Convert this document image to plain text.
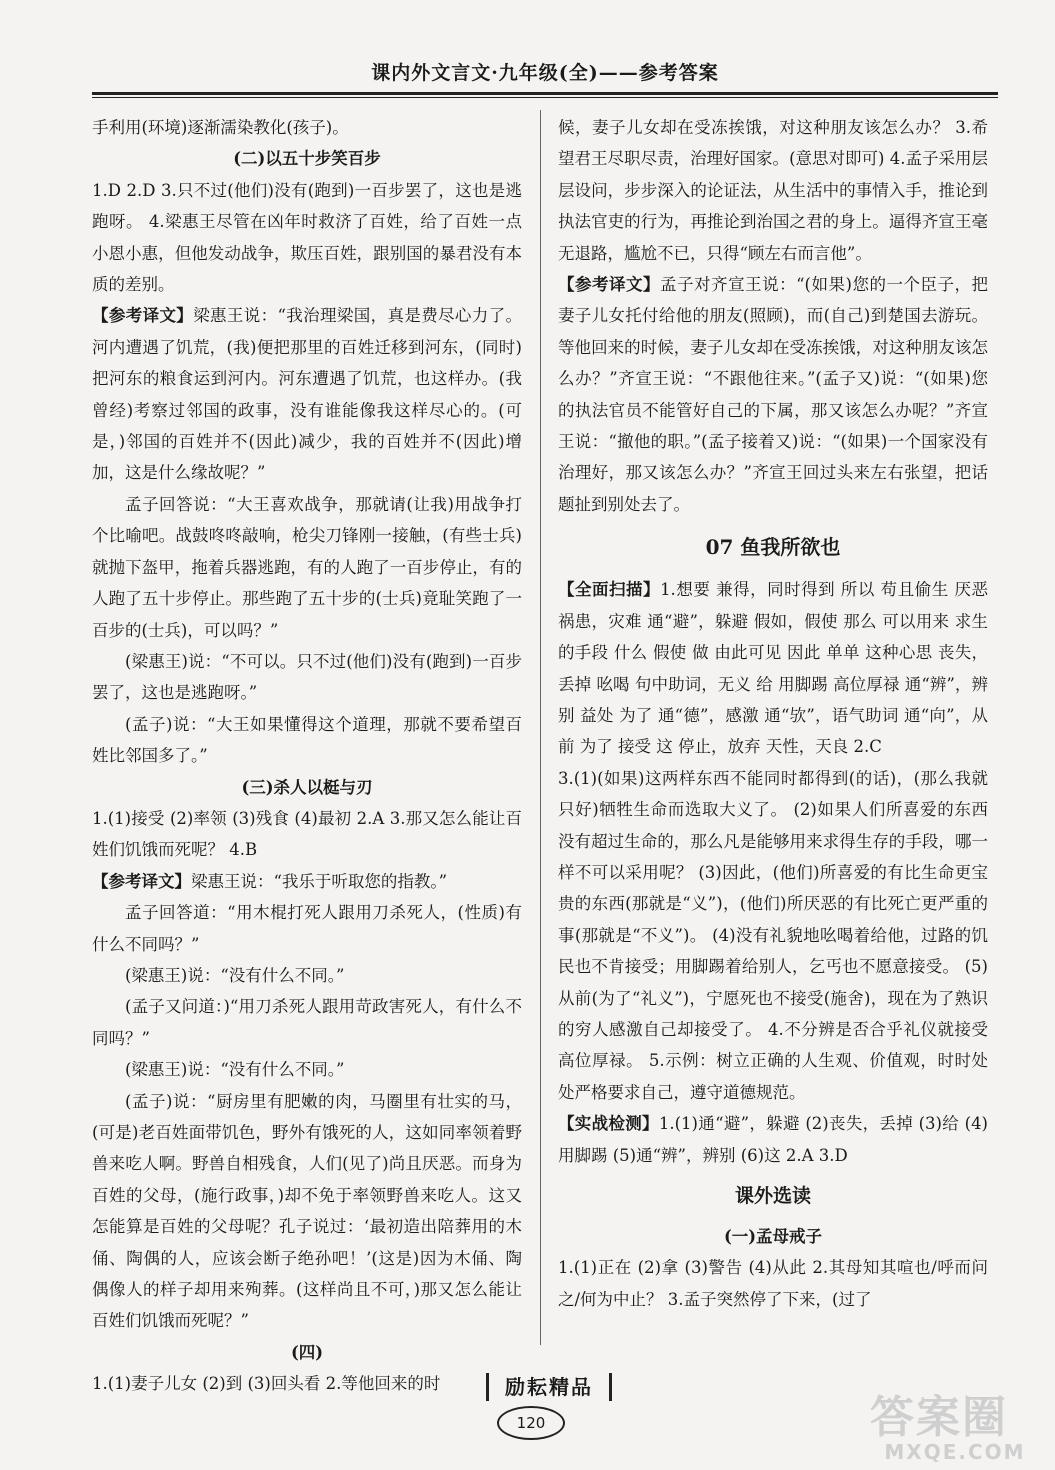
课内外文言文·九年级(全)——参考答案

手利用(环境)逐渐濡染教化(孩子)。

(二)以五十步笑百步

1.D 2.D 3.只不过(他们)没有(跑到)一百步罢了，这也是逃跑呀。 4.梁惠王尽管在凶年时救济了百姓，给了百姓一点小恩小惠，但他发动战争，欺压百姓，跟别国的暴君没有本质的差别。

【参考译文】梁惠王说：“我治理梁国，真是费尽心力了。河内遭遇了饥荒，(我)便把那里的百姓迁移到河东，(同时)把河东的粮食运到河内。河东遭遇了饥荒，也这样办。(我曾经)考察过邻国的政事，没有谁能像我这样尽心的。(可是，)邻国的百姓并不(因此)减少，我的百姓并不(因此)增加，这是什么缘故呢？”

孟子回答说：“大王喜欢战争，那就请(让我)用战争打个比喻吧。战鼓咚咚敲响，枪尖刀锋刚一接触，(有些士兵)就抛下盔甲，拖着兵器逃跑，有的人跑了一百步停止，有的人跑了五十步停止。那些跑了五十步的(士兵)竟耻笑跑了一百步的(士兵)，可以吗？”

(梁惠王)说：“不可以。只不过(他们)没有(跑到)一百步罢了，这也是逃跑呀。”

(孟子)说：“大王如果懂得这个道理，那就不要希望百姓比邻国多了。”

(三)杀人以梃与刃

1.(1)接受 (2)率领 (3)残食 (4)最初 2.A 3.那又怎么能让百姓们饥饿而死呢？ 4.B

【参考译文】梁惠王说：“我乐于听取您的指教。”

孟子回答道：“用木棍打死人跟用刀杀死人，(性质)有什么不同吗？”

(梁惠王)说：“没有什么不同。”

(孟子又问道：)“用刀杀死人跟用苛政害死人，有什么不同吗？”

(梁惠王)说：“没有什么不同。”

(孟子)说：“厨房里有肥嫩的肉，马圈里有壮实的马，(可是)老百姓面带饥色，野外有饿死的人，这如同率领着野兽来吃人啊。野兽自相残食，人们(见了)尚且厌恶。而身为百姓的父母，(施行政事，)却不免于率领野兽来吃人。这又怎能算是百姓的父母呢？孔子说过：‘最初造出陪葬用的木俑、陶偶的人，应该会断子绝孙吧！’(这是)因为木俑、陶偶像人的样子却用来殉葬。(这样尚且不可，)那又怎么能让百姓们饥饿而死呢？”

(四)

1.(1)妻子儿女 (2)到 (3)回头看 2.等他回来的时

候，妻子儿女却在受冻挨饿，对这种朋友该怎么办？ 3.希望君王尽职尽责，治理好国家。(意思对即可) 4.孟子采用层层设问，步步深入的论证法，从生活中的事情入手，推论到执法官吏的行为，再推论到治国之君的身上。逼得齐宣王毫无退路，尴尬不已，只得“顾左右而言他”。

【参考译文】孟子对齐宣王说：“(如果)您的一个臣子，把妻子儿女托付给他的朋友(照顾)，而(自己)到楚国去游玩。等他回来的时候，妻子儿女却在受冻挨饿，对这种朋友该怎么办？”齐宣王说：“不跟他往来。”(孟子又)说：“(如果)您的执法官员不能管好自己的下属，那又该怎么办呢？”齐宣王说：“撤他的职。”(孟子接着又)说：“(如果)一个国家没有治理好，那又该怎么办？”齐宣王回过头来左右张望，把话题扯到别处去了。

07 鱼我所欲也

【全面扫描】1.想要 兼得，同时得到 所以 苟且偷生 厌恶 祸患，灾难 通“避”，躲避 假如，假使 那么 可以用来 求生的手段 什么 假使 做 由此可见 因此 单单 这种心思 丧失，丢掉 吆喝 句中助词，无义 给 用脚踢 高位厚禄 通“辨”，辨别 益处 为了 通“德”，感激 通“欤”，语气助词 通“向”，从前 为了 接受 这 停止，放弃 天性，天良 2.C

3.(1)(如果)这两样东西不能同时都得到(的话)，(那么我就只好)牺牲生命而选取大义了。 (2)如果人们所喜爱的东西没有超过生命的，那么凡是能够用来求得生存的手段，哪一样不可以采用呢？ (3)因此，(他们)所喜爱的有比生命更宝贵的东西(那就是“义”)，(他们)所厌恶的有比死亡更严重的事(那就是“不义”)。 (4)没有礼貌地吆喝着给他，过路的饥民也不肯接受；用脚踢着给别人，乞丐也不愿意接受。 (5)从前(为了“礼义”)，宁愿死也不接受(施舍)，现在为了熟识的穷人感激自己却接受了。 4.不分辨是否合乎礼仪就接受高位厚禄。 5.示例：树立正确的人生观、价值观，时时处处严格要求自己，遵守道德规范。

【实战检测】1.(1)通“避”，躲避 (2)丧失，丢掉 (3)给 (4)用脚踢 (5)通“辨”，辨别 (6)这 2.A 3.D

课外选读

(一)孟母戒子

1.(1)正在 (2)拿 (3)警告 (4)从此 2.其母知其喧也/呼而问之/何为中止？ 3.孟子突然停了下来，(过了

励耘精品
120	答案圈
MXQE.COM
